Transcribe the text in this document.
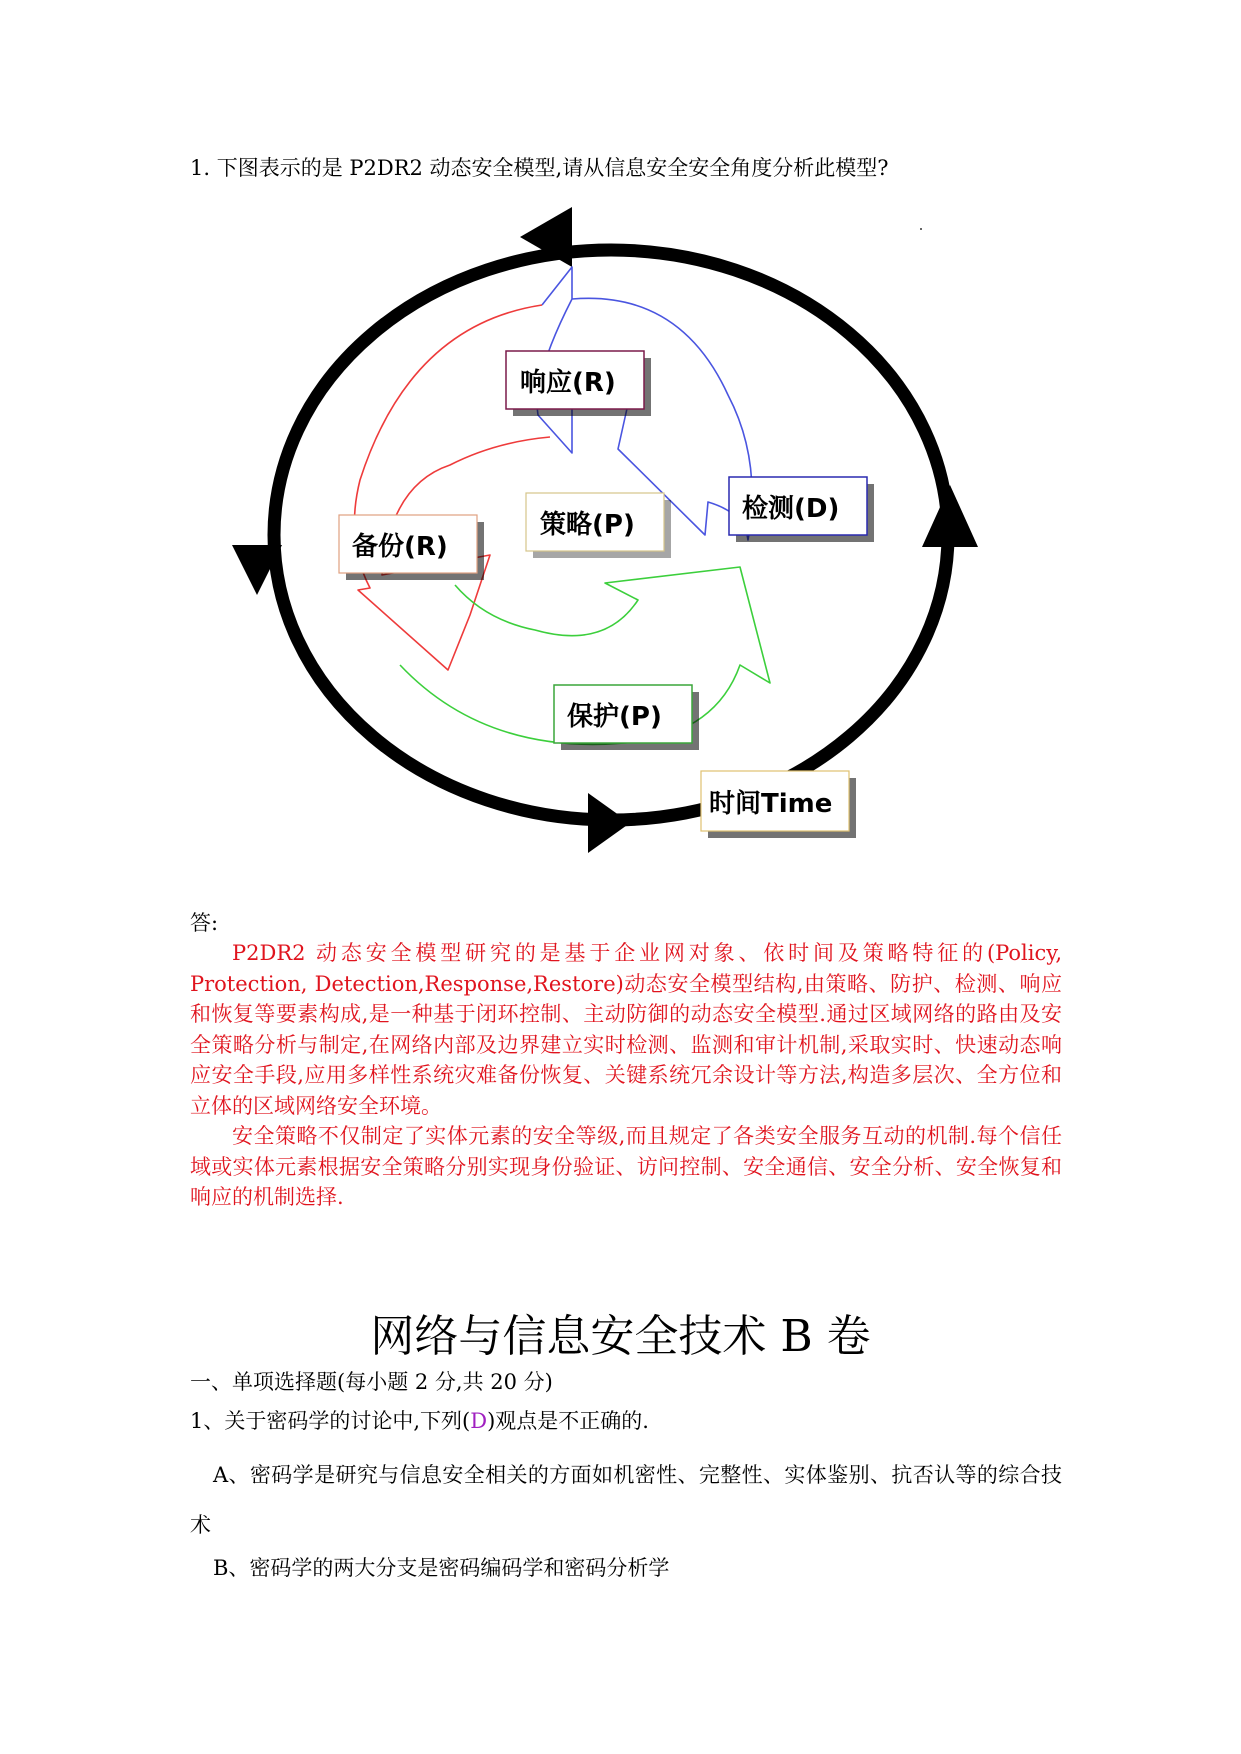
1. 下图表示的是 P2DR2 动态安全模型,请从信息安全安全角度分析此模型?
响应(R)
检测(D)
策略(P)
备份(R)
保护(P)
时间Time
答:

P2DR2 动态安全模型研究的是基于企业网对象、依时间及策略特征的(Policy, Protection, Detection,Response,Restore)动态安全模型结构,由策略、防护、检测、响应和恢复等要素构成,是一种基于闭环控制、主动防御的动态安全模型.通过区域网络的路由及安全策略分析与制定,在网络内部及边界建立实时检测、监测和审计机制,采取实时、快速动态响应安全手段,应用多样性系统灾难备份恢复、关键系统冗余设计等方法,构造多层次、全方位和立体的区域网络安全环境。

安全策略不仅制定了实体元素的安全等级,而且规定了各类安全服务互动的机制.每个信任域或实体元素根据安全策略分别实现身份验证、访问控制、安全通信、安全分析、安全恢复和响应的机制选择.

网络与信息安全技术 B 卷
一、单项选择题(每小题 2 分,共 20 分)
1、关于密码学的讨论中,下列(D)观点是不正确的.
A、密码学是研究与信息安全相关的方面如机密性、完整性、实体鉴别、抗否认等的综合技术
B、密码学的两大分支是密码编码学和密码分析学
